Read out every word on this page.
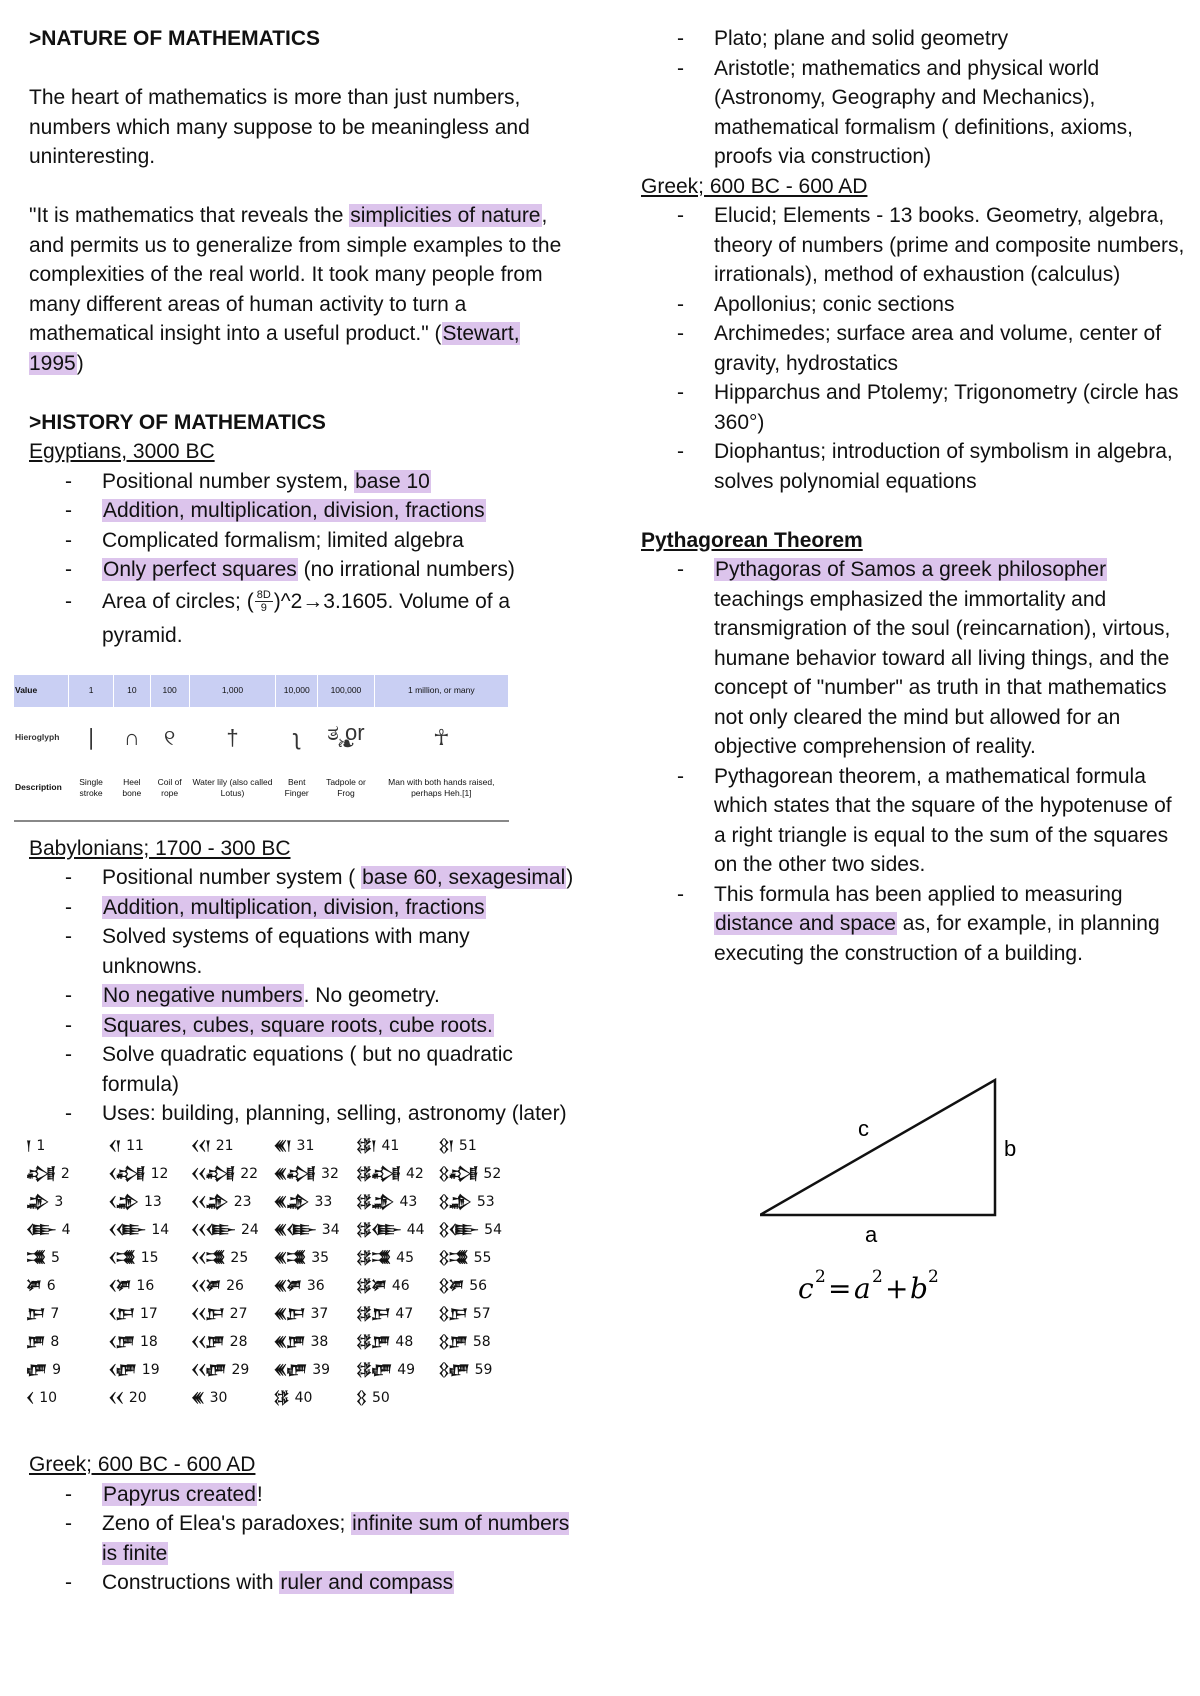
>NATURE OF MATHEMATICS

The heart of mathematics is more than just numbers, numbers which many suppose to be meaningless and uninteresting.

"It is mathematics that reveals the simplicities of nature, and permits us to generalize from simple examples to the complexities of the real world. It took many people from many different areas of human activity to turn a mathematical insight into a useful product." (Stewart, 1995)

>HISTORY OF MATHEMATICS

Egyptians, 3000 BC

- Positional number system, base 10
- Addition, multiplication, division, fractions
- Complicated formalism; limited algebra
- Only perfect squares (no irrational numbers)
- Area of circles; ( $\frac{8D}{9}$ )^2→3.1605. Volume of a pyramid.
Value	1	10	100	1,000	10,000	100,000	1 million, or many
Hieroglyph	∣	∩	୧	†	ʅ	ತ or ❧	☥
Description	Single stroke	Heel bone	Coil of rope	Water lily (also called Lotus)	Bent Finger	Tadpole or Frog	Man with both hands raised, perhaps Heh.[1]

Babylonians; 1700 - 300 BC

- Positional number system ( base 60, sexagesimal)
- Addition, multiplication, division, fractions
- Solved systems of equations with many unknowns.
- No negative numbers. No geometry.
- Squares, cubes, square roots, cube roots.
- Solve quadratic equations ( but no quadratic formula)
- Uses: building, planning, selling, astronomy (later)
𒁹 1	𒌋𒁹 11	𒌋𒌋𒁹 21	𒌍𒁹 31	𒌏𒁹 41	𒌐𒁹 51
𒂀 2	𒌋𒂀 12 𒌋𒌋𒂀 22 𒌍𒂀 32 𒌏𒂀 42 𒌐𒂀 52
𒂁 3	𒌋𒂁 13 𒌋𒌋𒂁 23 𒌍𒂁 33 𒌏𒂁 43 𒌐𒂁 53
𒂂 4	𒌋𒂂 14 𒌋𒌋𒂂 24 𒌍𒂂 34 𒌏𒂂 44 𒌐𒂂 54
𒂃 5	𒌋𒂃 15 𒌋𒌋𒂃 25 𒌍𒂃 35 𒌏𒂃 45 𒌐𒂃 55
𒂄 6	𒌋𒂄 16	𒌋𒌋𒂄 26 𒌍𒂄 36 𒌏𒂄 46 𒌐𒂄 56
𒂅 7	𒌋𒂅 17	𒌋𒌋𒂅 27 𒌍𒂅 37 𒌏𒂅 47 𒌐𒂅 57
𒂆 8	𒌋𒂆 18	𒌋𒌋𒂆 28 𒌍𒂆 38 𒌏𒂆 48 𒌐𒂆 58
𒂇 9	𒌋𒂇 19 𒌋𒌋𒂇 29 𒌍𒂇 39 𒌏𒂇 49 𒌐𒂇 59
𒌋 10	𒌋𒌋 20	𒌍 30	𒌏 40	𒌐 50

Greek; 600 BC - 600 AD

- Papyrus created!
- Zeno of Elea's paradoxes; infinite sum of numbers is finite
- Constructions with ruler and compass
- Plato; plane and solid geometry
- Aristotle; mathematics and physical world (Astronomy, Geography and Mechanics), mathematical formalism ( definitions, axioms, proofs via construction)

Greek; 600 BC - 600 AD

- Elucid; Elements - 13 books. Geometry, algebra, theory of numbers (prime and composite numbers, irrationals), method of exhaustion (calculus)
- Apollonius; conic sections
- Archimedes; surface area and volume, center of gravity, hydrostatics
- Hipparchus and Ptolemy; Trigonometry (circle has 360°)
- Diophantus; introduction of symbolism in algebra, solves polynomial equations

Pythagorean Theorem

- Pythagoras of Samos a greek philosopher teachings emphasized the immortality and transmigration of the soul (reincarnation), virtous, humane behavior toward all living things, and the concept of "number" as truth in that mathematics not only cleared the mind but allowed for an objective comprehension of reality.
- Pythagorean theorem, a mathematical formula which states that the square of the hypotenuse of a right triangle is equal to the sum of the squares on the other two sides.
- This formula has been applied to measuring distance and space as, for example, in planning executing the construction of a building.
c
b
a
c 2 = a 2 + b 2
